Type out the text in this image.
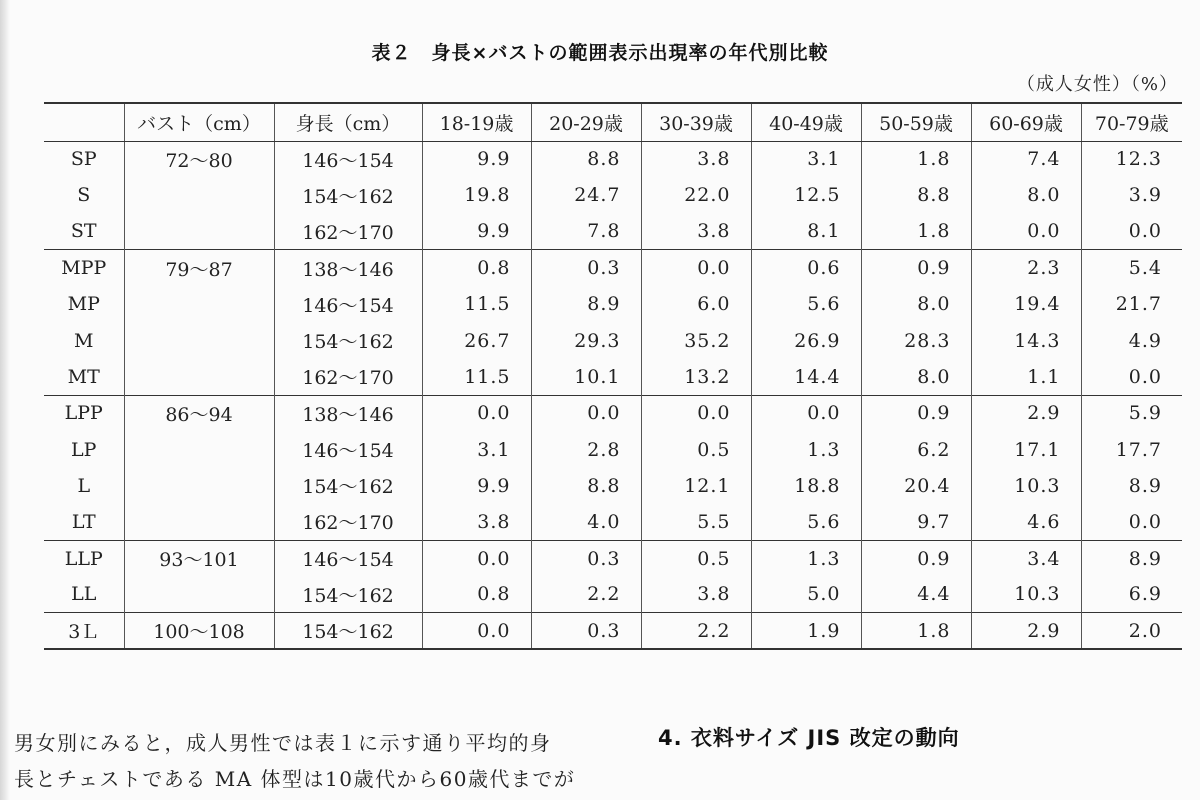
表２　身長×バストの範囲表示出現率の年代別比較
（成人女性）（%）
	バスト（cm）	身長（cm）	18-19歳	20-29歳	30-39歳	40-49歳	50-59歳	60-69歳	70-79歳
SP	72〜80	146〜154	9.9	8.8	3.8	3.1	1.8	7.4	12.3
S		154〜162	19.8	24.7	22.0	12.5	8.8	8.0	3.9
ST		162〜170	9.9	7.8	3.8	8.1	1.8	0.0	0.0
MPP	79〜87	138〜146	0.8	0.3	0.0	0.6	0.9	2.3	5.4
MP		146〜154	11.5	8.9	6.0	5.6	8.0	19.4	21.7
M		154〜162	26.7	29.3	35.2	26.9	28.3	14.3	4.9
MT		162〜170	11.5	10.1	13.2	14.4	8.0	1.1	0.0
LPP	86〜94	138〜146	0.0	0.0	0.0	0.0	0.9	2.9	5.9
LP		146〜154	3.1	2.8	0.5	1.3	6.2	17.1	17.7
L		154〜162	9.9	8.8	12.1	18.8	20.4	10.3	8.9
LT		162〜170	3.8	4.0	5.5	5.6	9.7	4.6	0.0
LLP	93〜101	146〜154	0.0	0.3	0.5	1.3	0.9	3.4	8.9
LL		154〜162	0.8	2.2	3.8	5.0	4.4	10.3	6.9
3Ｌ	100〜108	154〜162	0.0	0.3	2.2	1.9	1.8	2.9	2.0
男女別にみると，成人男性では表１に示す通り平均的身
長とチェストである MA 体型は10歳代から60歳代までが
4. 衣料サイズ JIS 改定の動向
